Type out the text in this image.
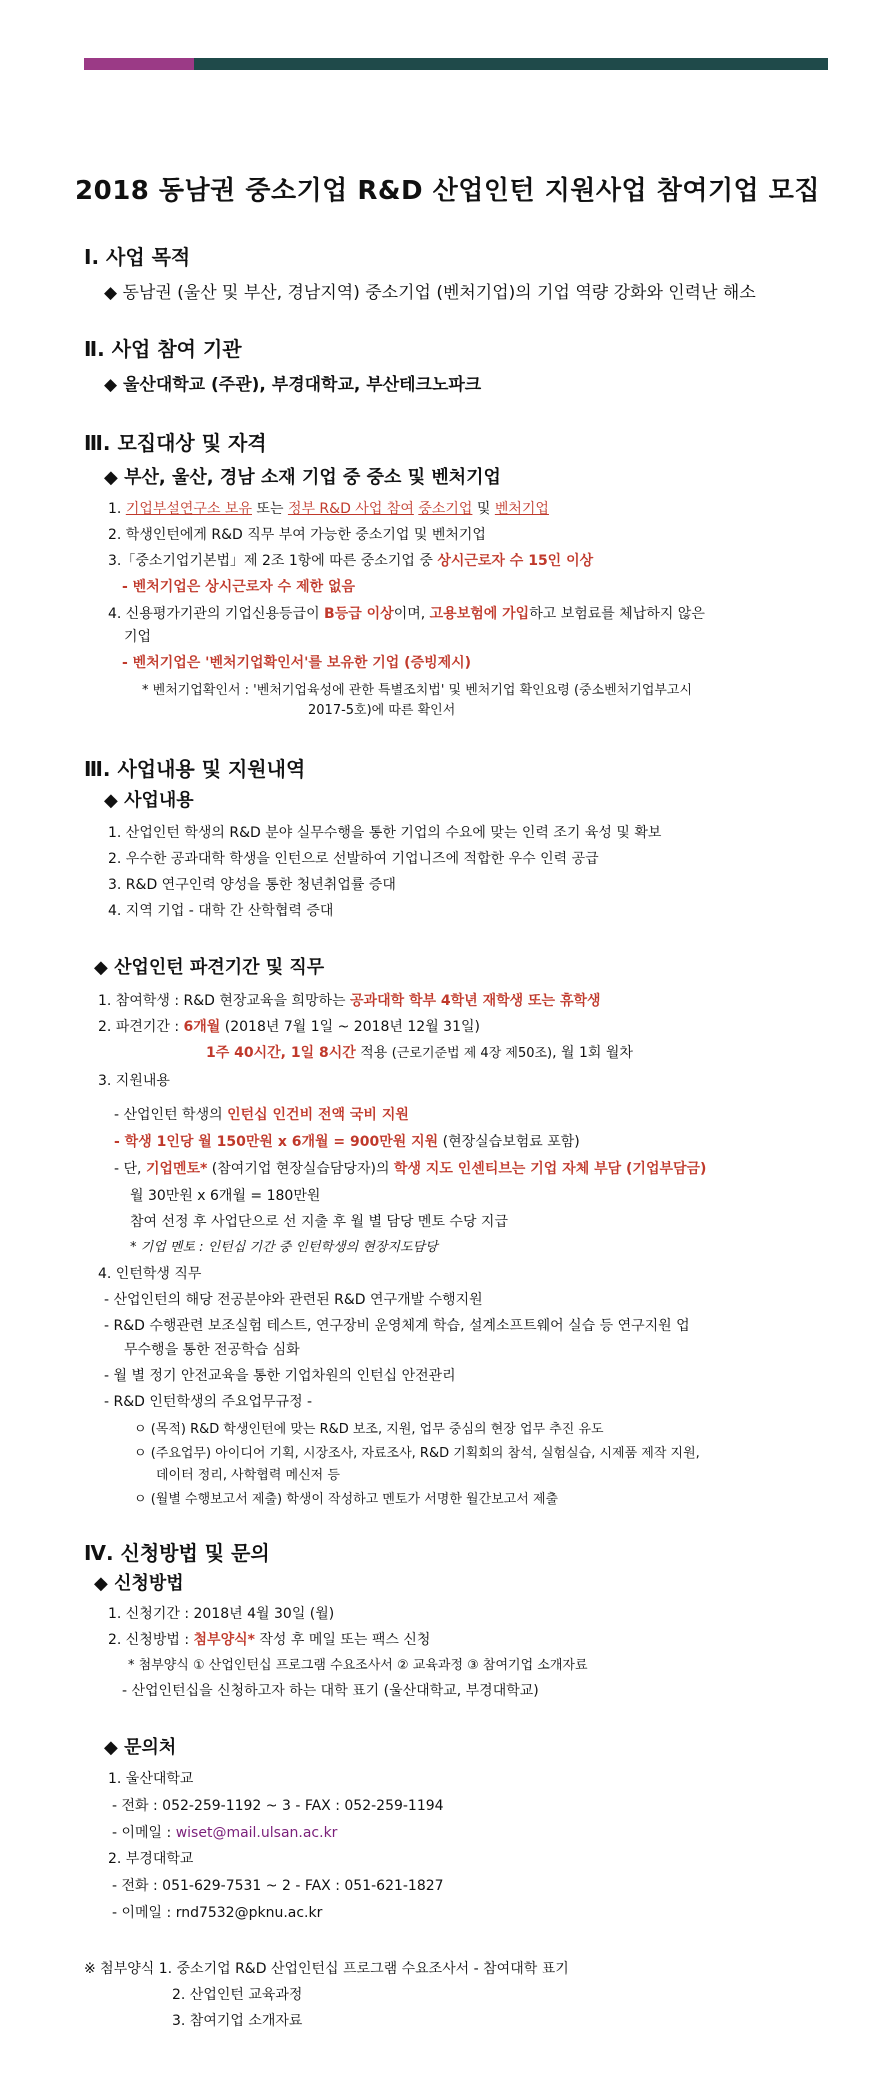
2018 동남권 중소기업 R&D 산업인턴 지원사업 참여기업 모집
Ⅰ. 사업 목적
◆ 동남권 (울산 및 부산, 경남지역) 중소기업 (벤처기업)의 기업 역량 강화와 인력난 해소
Ⅱ. 사업 참여 기관
◆ 울산대학교 (주관), 부경대학교, 부산테크노파크
Ⅲ. 모집대상 및 자격
◆ 부산, 울산, 경남 소재 기업 중 중소 및 벤처기업
1. 기업부설연구소 보유 또는 정부 R&D 사업 참여 중소기업 및 벤처기업
2. 학생인턴에게 R&D 직무 부여 가능한 중소기업 및 벤처기업
3.「중소기업기본법」제 2조 1항에 따른 중소기업 중 상시근로자 수 15인 이상
- 벤처기업은 상시근로자 수 제한 없음
4. 신용평가기관의 기업신용등급이 B등급 이상이며, 고용보험에 가입하고 보험료를 체납하지 않은
기업
- 벤처기업은 '벤처기업확인서'를 보유한 기업 (증빙제시)
* 벤처기업확인서 : '벤처기업육성에 관한 특별조치법' 및 벤처기업 확인요령 (중소벤처기업부고시
2017-5호)에 따른 확인서
Ⅲ. 사업내용 및 지원내역
◆ 사업내용
1. 산업인턴 학생의 R&D 분야 실무수행을 통한 기업의 수요에 맞는 인력 조기 육성 및 확보
2. 우수한 공과대학 학생을 인턴으로 선발하여 기업니즈에 적합한 우수 인력 공급
3. R&D 연구인력 양성을 통한 청년취업률 증대
4. 지역 기업 - 대학 간 산학협력 증대
◆ 산업인턴 파견기간 및 직무
1. 참여학생 : R&D 현장교육을 희망하는 공과대학 학부 4학년 재학생 또는 휴학생
2. 파견기간 : 6개월 (2018년 7월 1일 ~ 2018년 12월 31일)
1주 40시간, 1일 8시간 적용 (근로기준법 제 4장 제50조), 월 1회 월차
3. 지원내용
- 산업인턴 학생의 인턴십 인건비 전액 국비 지원
- 학생 1인당 월 150만원 x 6개월 = 900만원 지원 (현장실습보험료 포함)
- 단, 기업멘토* (참여기업 현장실습담당자)의 학생 지도 인센티브는 기업 자체 부담 (기업부담금)
월 30만원 x 6개월 = 180만원
참여 선정 후 사업단으로 선 지출 후 월 별 담당 멘토 수당 지급
* 기업 멘토 : 인턴십 기간 중 인턴학생의 현장지도담당
4. 인턴학생 직무
- 산업인턴의 해당 전공분야와 관련된 R&D 연구개발 수행지원
- R&D 수행관련 보조실험 테스트, 연구장비 운영체계 학습, 설계소프트웨어 실습 등 연구지원 업
무수행을 통한 전공학습 심화
- 월 별 정기 안전교육을 통한 기업차원의 인턴십 안전관리
- R&D 인턴학생의 주요업무규정 -
ㅇ (목적) R&D 학생인턴에 맞는 R&D 보조, 지원, 업무 중심의 현장 업무 추진 유도
ㅇ (주요업무) 아이디어 기획, 시장조사, 자료조사, R&D 기획회의 참석, 실험실습, 시제품 제작 지원,
데이터 정리, 사학협력 메신저 등
ㅇ (월별 수행보고서 제출) 학생이 작성하고 멘토가 서명한 월간보고서 제출
Ⅳ. 신청방법 및 문의
◆ 신청방법
1. 신청기간 : 2018년 4월 30일 (월)
2. 신청방법 : 첨부양식* 작성 후 메일 또는 팩스 신청
* 첨부양식 ① 산업인턴십 프로그램 수요조사서 ② 교육과정 ③ 참여기업 소개자료
- 산업인턴십을 신청하고자 하는 대학 표기 (울산대학교, 부경대학교)
◆ 문의처
1. 울산대학교
- 전화 : 052-259-1192 ~ 3 - FAX : 052-259-1194
- 이메일 : wiset@mail.ulsan.ac.kr
2. 부경대학교
- 전화 : 051-629-7531 ~ 2 - FAX : 051-621-1827
- 이메일 : rnd7532@pknu.ac.kr
※ 첨부양식 1. 중소기업 R&D 산업인턴십 프로그램 수요조사서 - 참여대학 표기
2. 산업인턴 교육과정
3. 참여기업 소개자료
